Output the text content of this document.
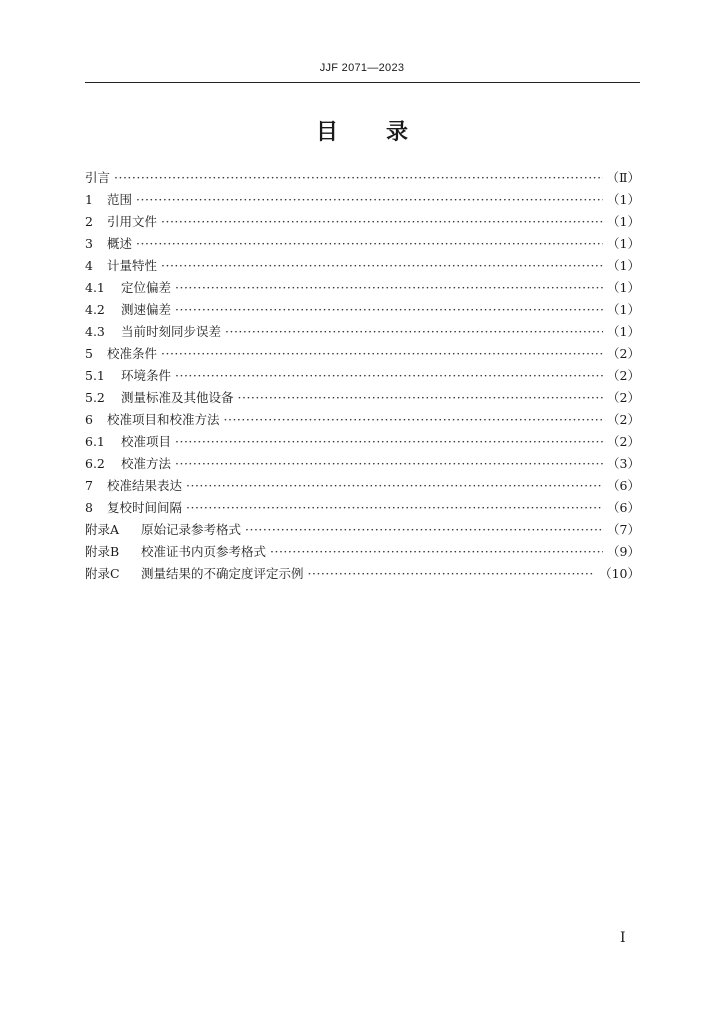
JJF 2071—2023
目录
引言 ·····	（Ⅱ）
1	范围 ·····	（1）
2	引用文件 ·····	（1）
3	概述 ·····	（1）
4	计量特性 ·····	（1）
4.1	定位偏差 ·····	（1）
4.2	测速偏差 ·····	（1）
4.3	当前时刻同步误差 ·····	（1）
5	校准条件 ·····	（2）
5.1	环境条件 ·····	（2）
5.2	测量标准及其他设备 ·····	（2）
6	校准项目和校准方法 ·····	（2）
6.1	校准项目 ·····	（2）
6.2	校准方法 ·····	（3）
7	校准结果表达 ·····	（6）
8	复校时间间隔 ·····	（6）
附录A	原始记录参考格式 ·····	（7）
附录B	校准证书内页参考格式 ·····	（9）
附录C	测量结果的不确定度评定示例 ·····	（10）
Ⅰ
